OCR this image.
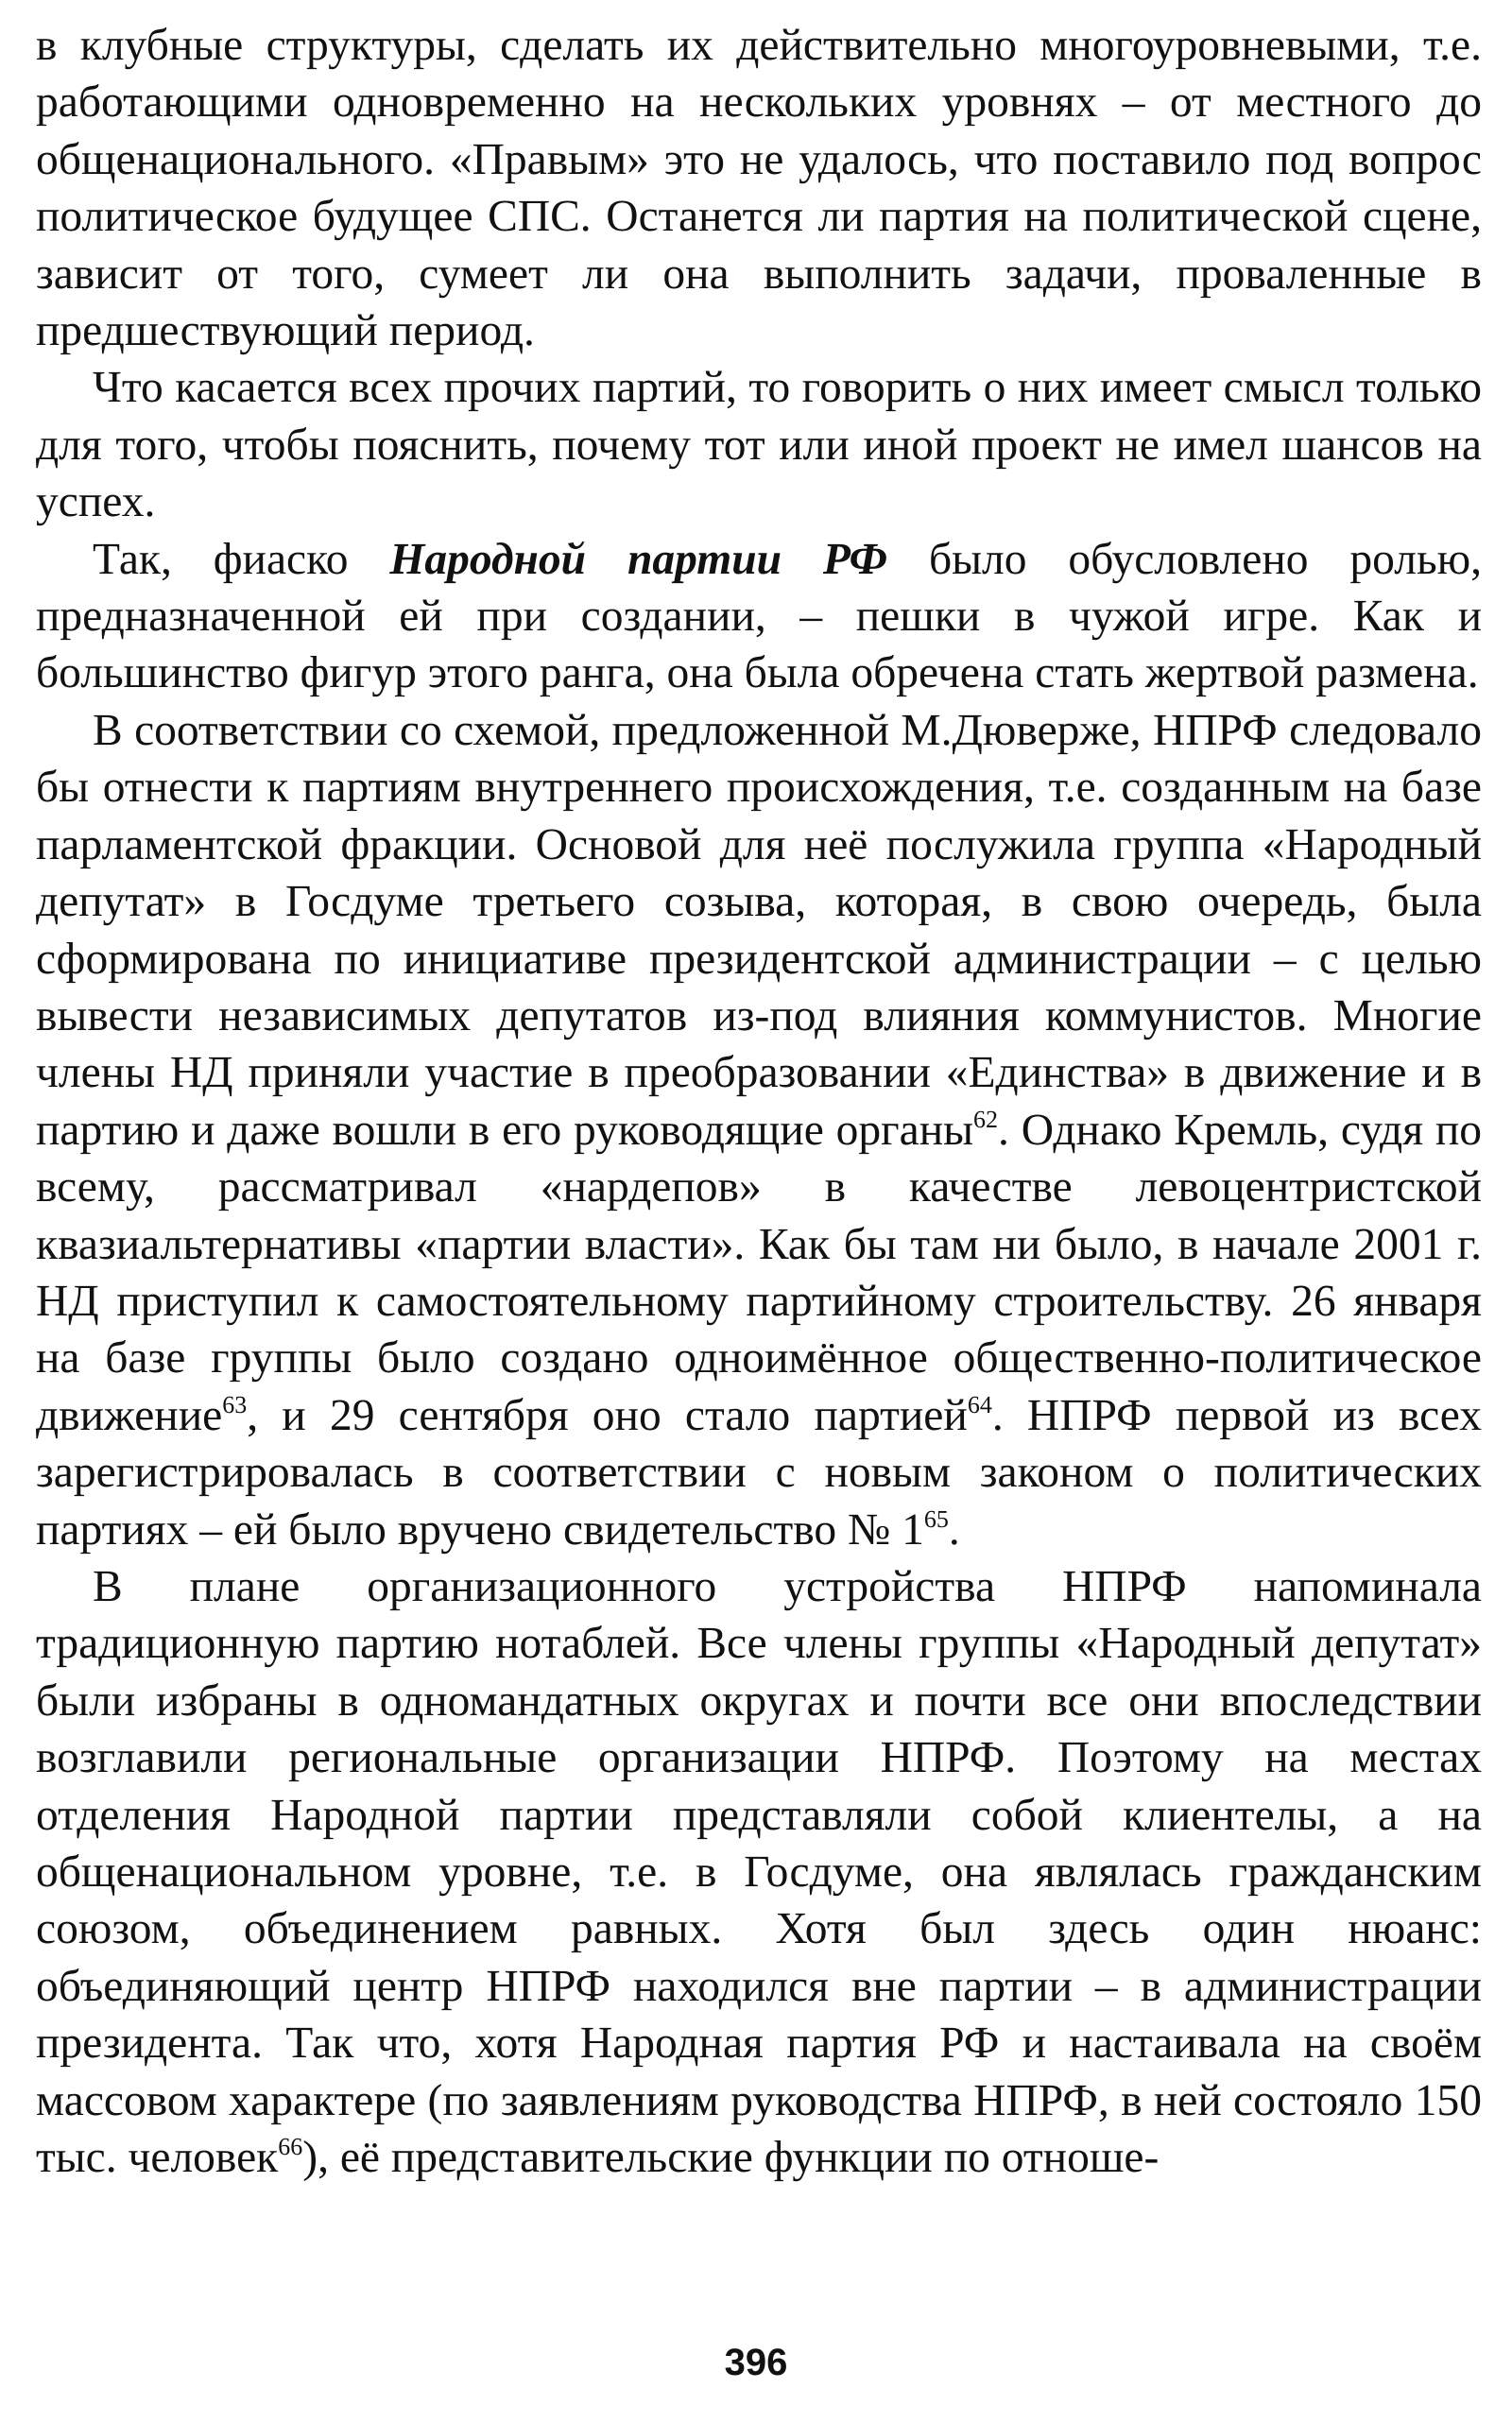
в клубные структуры, сделать их действительно многоуровневыми, т.е. работающими одновременно на нескольких уровнях – от местного до общенационального. «Правым» это не удалось, что поставило под вопрос политическое будущее СПС. Останется ли партия на политической сцене, зависит от того, сумеет ли она выполнить задачи, проваленные в предшествующий период.

Что касается всех прочих партий, то говорить о них имеет смысл только для того, чтобы пояснить, почему тот или иной проект не имел шансов на успех.

Так, фиаско Народной партии РФ было обусловлено ролью, предназначенной ей при создании, – пешки в чужой игре. Как и большинство фигур этого ранга, она была обречена стать жертвой размена.

В соответствии со схемой, предложенной М.Дюверже, НПРФ следовало бы отнести к партиям внутреннего происхождения, т.е. созданным на базе парламентской фракции. Основой для неё послужила группа «Народный депутат» в Госдуме третьего созыва, которая, в свою очередь, была сформирована по инициативе президентской администрации – с целью вывести независимых депутатов из-под влияния коммунистов. Многие члены НД приняли участие в преобразовании «Единства» в движение и в партию и даже вошли в его руководящие органы$^{62}$. Однако Кремль, судя по всему, рассматривал «нардепов» в качестве левоцентристской квазиальтернативы «партии власти». Как бы там ни было, в начале 2001 г. НД приступил к самостоятельному партийному строительству. 26 января на базе группы было создано одноимённое общественно-политическое движение$^{63}$, и 29 сентября оно стало партией$^{64}$. НПРФ первой из всех зарегистрировалась в соответствии с новым законом о политических партиях – ей было вручено свидетельство № 1$^{65}$.

В плане организационного устройства НПРФ напоминала традиционную партию нотаблей. Все члены группы «Народный депутат» были избраны в одномандатных округах и почти все они впоследствии возглавили региональные организации НПРФ. Поэтому на местах отделения Народной партии представляли собой клиентелы, а на общенациональном уровне, т.е. в Госдуме, она являлась гражданским союзом, объединением равных. Хотя был здесь один нюанс: объединяющий центр НПРФ находился вне партии – в администрации президента. Так что, хотя Народная партия РФ и настаивала на своём массовом характере (по заявлениям руководства НПРФ, в ней состояло 150 тыс. человек$^{66}$), её представительские функции по отноше-

396
